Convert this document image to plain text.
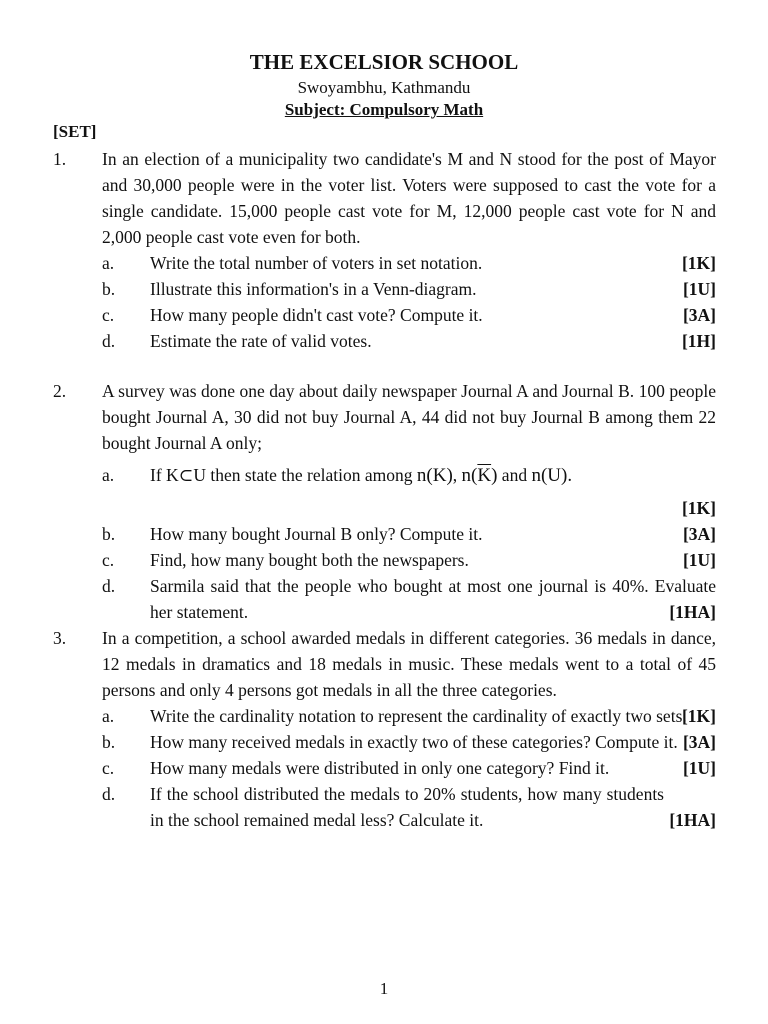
THE EXCELSIOR SCHOOL
Swoyambhu, Kathmandu
Subject: Compulsory Math
[SET]
1. In an election of a municipality two candidate's M and N stood for the post of Mayor and 30,000 people were in the voter list. Voters were supposed to cast the vote for a single candidate. 15,000 people cast vote for M, 12,000 people cast vote for N and 2,000 people cast vote even for both.
a. Write the total number of voters in set notation.	[1K]
b. Illustrate this information's in a Venn-diagram.	[1U]
c. How many people didn't cast vote? Compute it.	[3A]
d. Estimate the rate of valid votes.	[1H]
2. A survey was done one day about daily newspaper Journal A and Journal B. 100 people bought Journal A, 30 did not buy Journal A, 44 did not buy Journal B among them 22 bought Journal A only;
a. If K⊂U then state the relation among n(K), $n(\overline{K})$ and n(U).
[1K]
b. How many bought Journal B only? Compute it.	[3A]
c. Find, how many bought both the newspapers.	[1U]
d. Sarmila said that the people who bought at most one journal is 40%. Evaluate her statement.	[1HA]
3. In a competition, a school awarded medals in different categories. 36 medals in dance, 12 medals in dramatics and 18 medals in music. These medals went to a total of 45 persons and only 4 persons got medals in all the three categories.
a. Write the cardinality notation to represent the cardinality of exactly two sets.
[1K]
b. How many received medals in exactly two of these categories? Compute it. [3A]
c. How many medals were distributed in only one category? Find it.	[1U]
d. If the school distributed the medals to 20% students, how many students in the school remained medal less? Calculate it.	[1HA]
1
